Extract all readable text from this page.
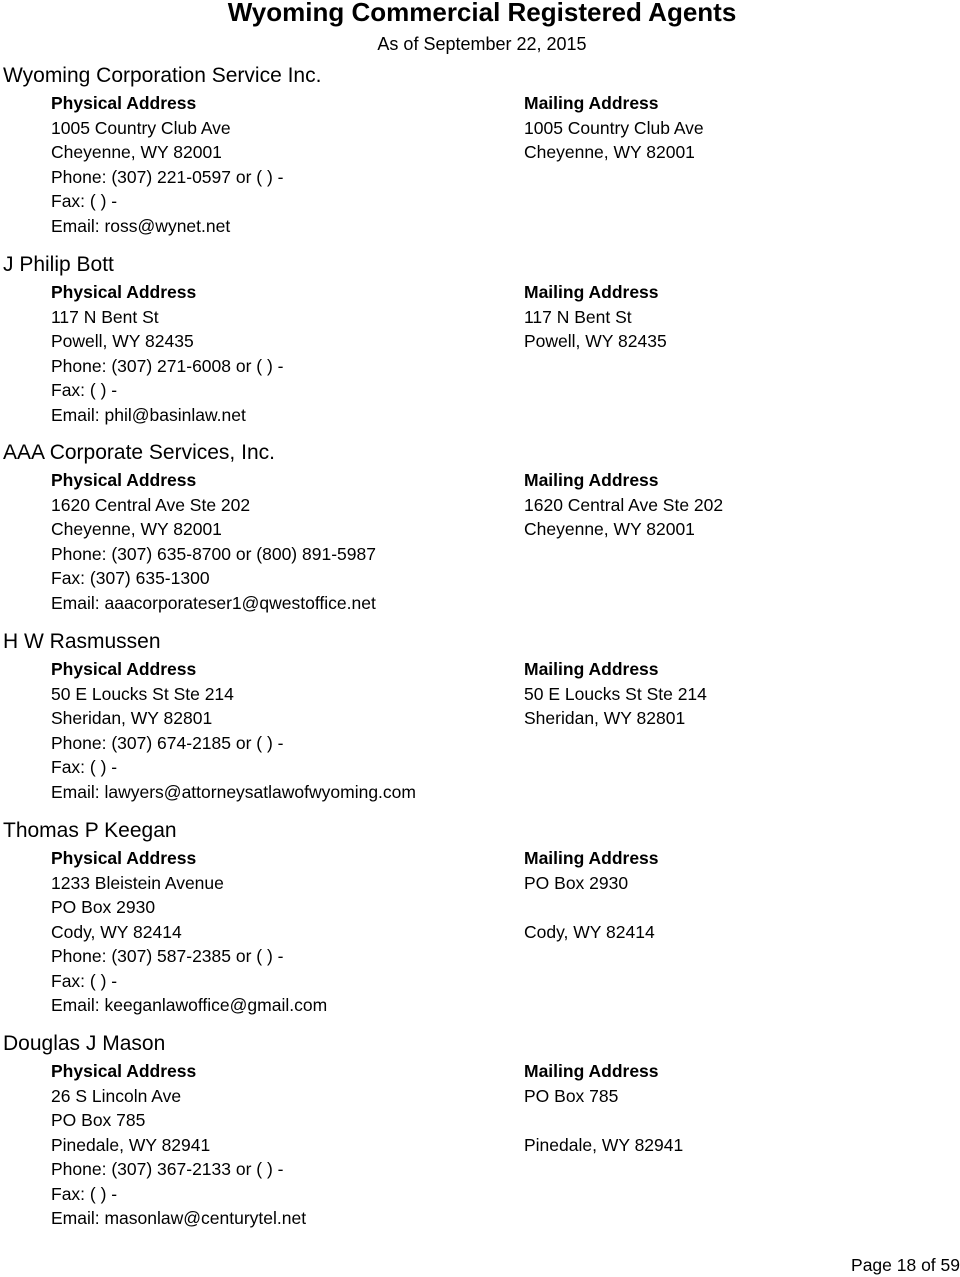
Wyoming Commercial Registered Agents
As of September 22, 2015
Wyoming Corporation Service Inc.
Physical Address
1005 Country Club Ave
Cheyenne, WY 82001
Phone: (307) 221-0597 or ( ) -
Fax: ( ) -
Email: ross@wynet.net
Mailing Address
1005 Country Club Ave
Cheyenne, WY 82001
J Philip Bott
Physical Address
117 N Bent St
Powell, WY 82435
Phone: (307) 271-6008 or ( ) -
Fax: ( ) -
Email: phil@basinlaw.net
Mailing Address
117 N Bent St
Powell, WY 82435
AAA Corporate Services, Inc.
Physical Address
1620 Central Ave Ste 202
Cheyenne, WY 82001
Phone: (307) 635-8700 or (800) 891-5987
Fax: (307) 635-1300
Email: aaacorporateser1@qwestoffice.net
Mailing Address
1620 Central Ave Ste 202
Cheyenne, WY 82001
H W Rasmussen
Physical Address
50 E Loucks St Ste 214
Sheridan, WY 82801
Phone: (307) 674-2185 or ( ) -
Fax: ( ) -
Email: lawyers@attorneysatlawofwyoming.com
Mailing Address
50 E Loucks St Ste 214
Sheridan, WY 82801
Thomas P Keegan
Physical Address
1233 Bleistein Avenue
PO Box 2930
Cody, WY 82414
Phone: (307) 587-2385 or ( ) -
Fax: ( ) -
Email: keeganlawoffice@gmail.com
Mailing Address
PO Box 2930
Cody, WY 82414
Douglas J Mason
Physical Address
26 S Lincoln Ave
PO Box 785
Pinedale, WY 82941
Phone: (307) 367-2133 or ( ) -
Fax: ( ) -
Email: masonlaw@centurytel.net
Mailing Address
PO Box 785
Pinedale, WY 82941
Page 18 of 59
